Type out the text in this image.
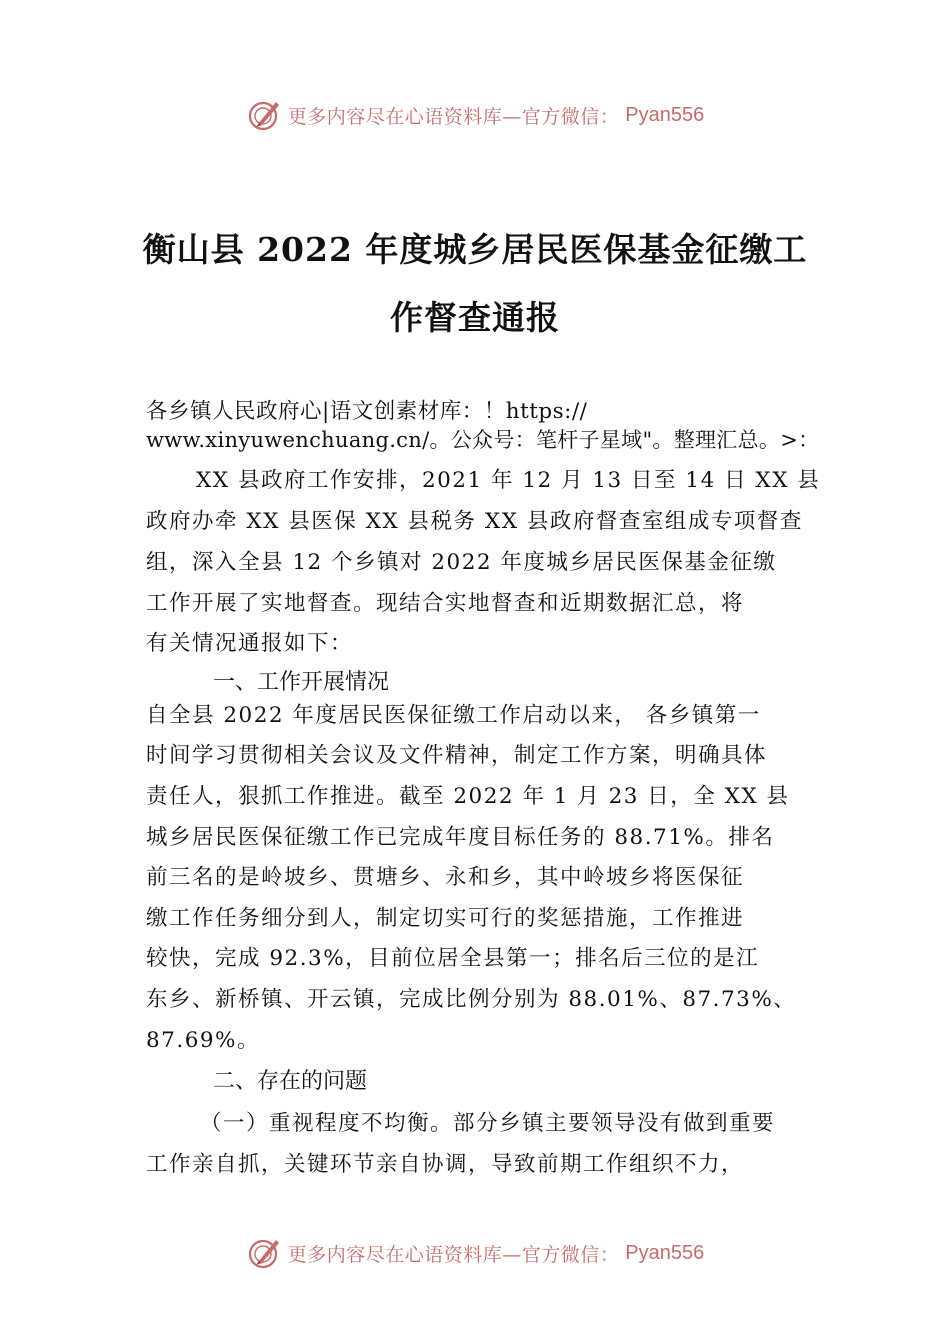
更多内容尽在心语资料库—官方微信： Pyan556
衡山县 2022 年度城乡居民医保基金征缴工
作督查通报
各乡镇人民政府心|语文创素材库：！https://
www.xinyuwenchuang.cn/。公众号：笔杆子星域"。整理汇总。>：
XX 县政府工作安排，2021 年 12 月 13 日至 14 日 XX 县
政府办牵 XX 县医保 XX 县税务 XX 县政府督查室组成专项督查
组，深入全县 12 个乡镇对 2022 年度城乡居民医保基金征缴
工作开展了实地督查。现结合实地督查和近期数据汇总，将
有关情况通报如下：
一、工作开展情况
自全县 2022 年度居民医保征缴工作启动以来， 各乡镇第一
时间学习贯彻相关会议及文件精神，制定工作方案，明确具体
责任人，狠抓工作推进。截至 2022 年 1 月 23 日，全 XX 县
城乡居民医保征缴工作已完成年度目标任务的 88.71%。排名
前三名的是岭坡乡、贯塘乡、永和乡，其中岭坡乡将医保征
缴工作任务细分到人，制定切实可行的奖惩措施，工作推进
较快，完成 92.3%，目前位居全县第一；排名后三位的是江
东乡、新桥镇、开云镇，完成比例分别为 88.01%、87.73%、
87.69%。
二、存在的问题
（一）重视程度不均衡。部分乡镇主要领导没有做到重要
工作亲自抓，关键环节亲自协调，导致前期工作组织不力，
更多内容尽在心语资料库—官方微信： Pyan556
